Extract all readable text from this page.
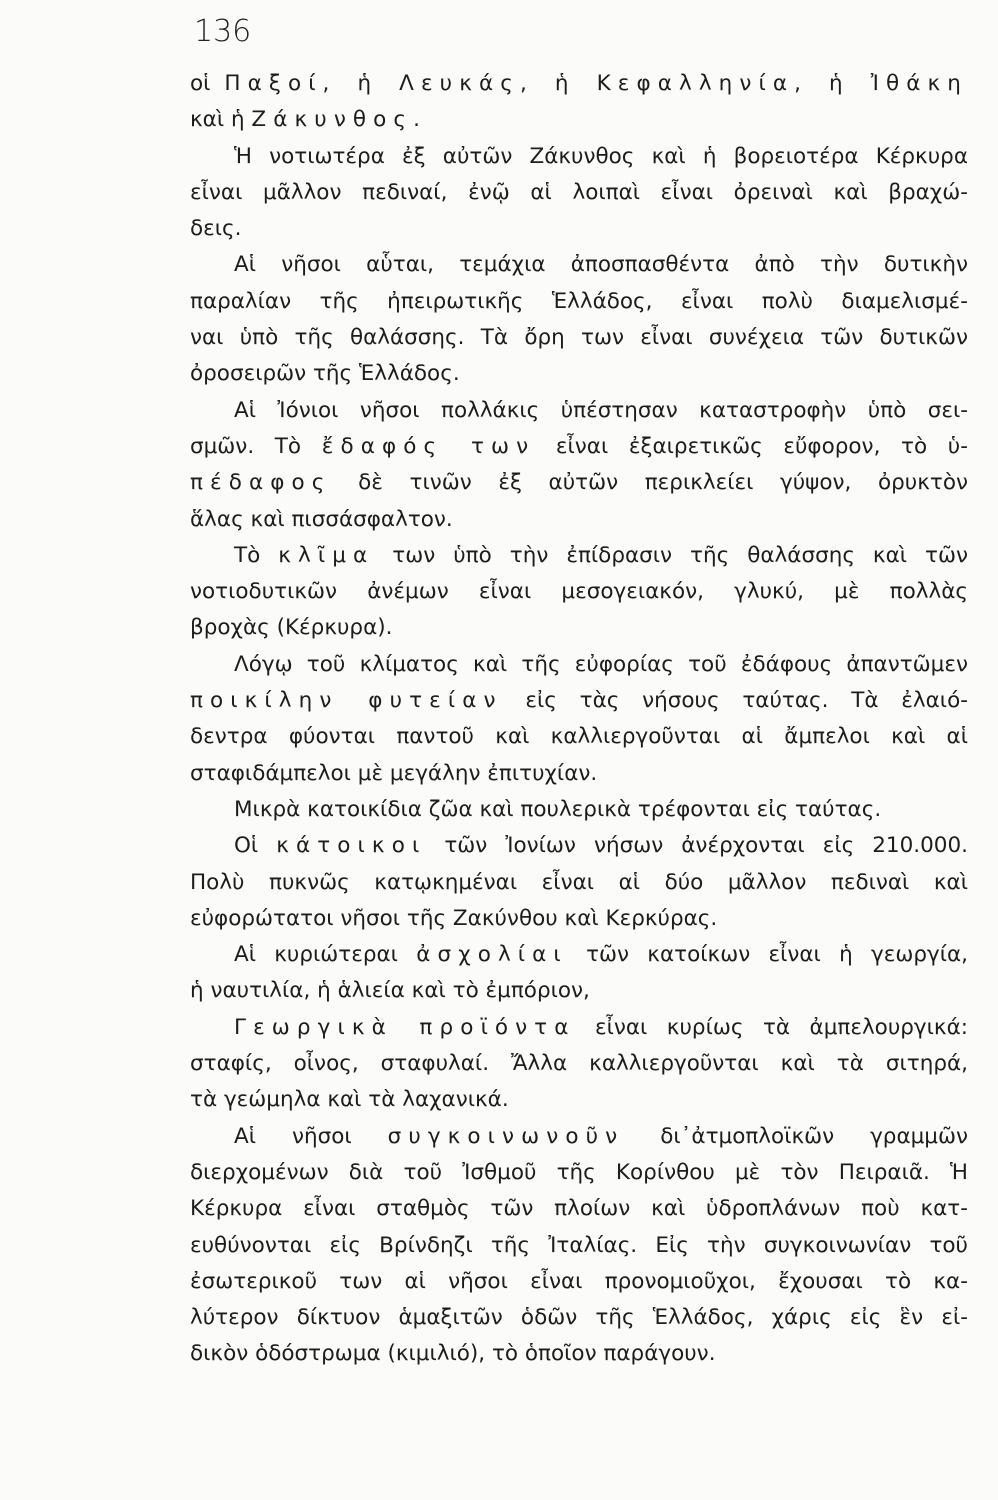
136
οἱ Παξοί, ἡ Λευκάς, ἡ Κεφαλληνία, ἡ Ἰθάκη
καὶ ἡ Ζάκυνθος.
Ἡ νοτιωτέρα ἐξ αὐτῶν Ζάκυνθος καὶ ἡ βορειοτέρα Κέρκυρα
εἶναι μᾶλλον πεδιναί, ἐνῷ αἱ λοιπαὶ εἶναι ὀρειναὶ καὶ βραχώ-
δεις.
Αἱ νῆσοι αὗται, τεμάχια ἀποσπασθέντα ἀπὸ τὴν δυτικὴν
παραλίαν τῆς ἠπειρωτικῆς Ἑλλάδος, εἶναι πολὺ διαμελισμέ-
ναι ὑπὸ τῆς θαλάσσης. Τὰ ὄρη των εἶναι συνέχεια τῶν δυτικῶν
ὀροσειρῶν τῆς Ἑλλάδος.
Αἱ Ἰόνιοι νῆσοι πολλάκις ὑπέστησαν καταστροφὴν ὑπὸ σει-
σμῶν. Τὸ ἔδαφός των εἶναι ἐξαιρετικῶς εὔφορον, τὸ ὑ-
πέδαφος δὲ τινῶν ἐξ αὐτῶν περικλείει γύψον, ὀρυκτὸν
ἅλας καὶ πισσάσφαλτον.
Τὸ κλῖμα των ὑπὸ τὴν ἐπίδρασιν τῆς θαλάσσης καὶ τῶν
νοτιοδυτικῶν ἀνέμων εἶναι μεσογειακόν, γλυκύ, μὲ πολλὰς
βροχὰς (Κέρκυρα).
Λόγῳ τοῦ κλίματος καὶ τῆς εὐφορίας τοῦ ἐδάφους ἀπαντῶμεν
ποικίλην φυτείαν εἰς τὰς νήσους ταύτας. Τὰ ἐλαιό-
δεντρα φύονται παντοῦ καὶ καλλιεργοῦνται αἱ ἄμπελοι καὶ αἱ
σταφιδάμπελοι μὲ μεγάλην ἐπιτυχίαν.
Μικρὰ κατοικίδια ζῶα καὶ πουλερικὰ τρέφονται εἰς ταύτας.
Οἱ κάτοικοι τῶν Ἰονίων νήσων ἀνέρχονται εἰς 210.000.
Πολὺ πυκνῶς κατῳκημέναι εἶναι αἱ δύο μᾶλλον πεδιναὶ καὶ
εὐφορώτατοι νῆσοι τῆς Ζακύνθου καὶ Κερκύρας.
Αἱ κυριώτεραι ἀσχολίαι τῶν κατοίκων εἶναι ἡ γεωργία,
ἡ ναυτιλία, ἡ ἁλιεία καὶ τὸ ἐμπόριον,
Γεωργικὰ προϊόντα εἶναι κυρίως τὰ ἀμπελουργικά:
σταφίς, οἶνος, σταφυλαί. Ἄλλα καλλιεργοῦνται καὶ τὰ σιτηρά,
τὰ γεώμηλα καὶ τὰ λαχανικά.
Αἱ νῆσοι συγκοινωνοῦν δι᾽ἀτμοπλοϊκῶν γραμμῶν
διερχομένων διὰ τοῦ Ἰσθμοῦ τῆς Κορίνθου μὲ τὸν Πειραιᾶ. Ἡ
Κέρκυρα εἶναι σταθμὸς τῶν πλοίων καὶ ὑδροπλάνων ποὺ κατ-
ευθύνονται εἰς Βρίνδηζι τῆς Ἰταλίας. Εἰς τὴν συγκοινωνίαν τοῦ
ἐσωτερικοῦ των αἱ νῆσοι εἶναι προνομιοῦχοι, ἔχουσαι τὸ κα-
λύτερον δίκτυον ἁμαξιτῶν ὁδῶν τῆς Ἑλλάδος, χάρις εἰς ἓν εἰ-
δικὸν ὁδόστρωμα (κιμιλιό), τὸ ὁποῖον παράγουν.
